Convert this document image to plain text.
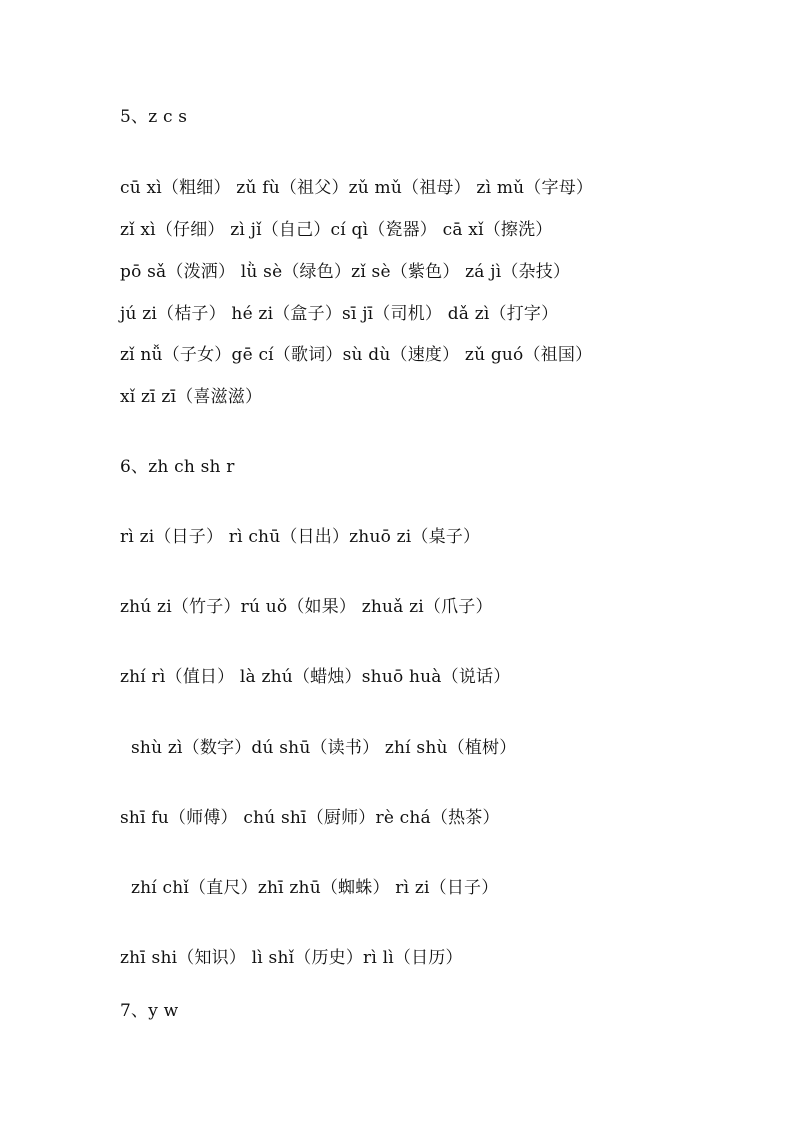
5、z c s
cū xì（粗细） zǔ fù（祖父）zǔ mǔ（祖母） zì mǔ（字母）
zǐ xì（仔细） zì jǐ（自己）cí qì（瓷器） cā xǐ（擦洗）
pō sǎ（泼洒） lǜ sè（绿色）zǐ sè（紫色） zá jì（杂技）
jú zi（桔子） hé zi（盒子）sī jī（司机） dǎ zì（打字）
zǐ nǚ（子女）gē cí（歌词）sù dù（速度） zǔ guó（祖国）
xǐ zī zī（喜滋滋）
6、zh ch sh r
rì zi（日子） rì chū（日出）zhuō zi（桌子）
zhú zi（竹子）rú uǒ（如果） zhuǎ zi（爪子）
zhí rì（值日） là zhú（蜡烛）shuō huà（说话）
shù zì（数字）dú shū（读书） zhí shù（植树）
shī fu（师傅） chú shī（厨师）rè chá（热茶）
zhí chǐ（直尺）zhī zhū（蜘蛛） rì zi（日子）
zhī shi（知识） lì shǐ（历史）rì lì（日历）
7、y w
